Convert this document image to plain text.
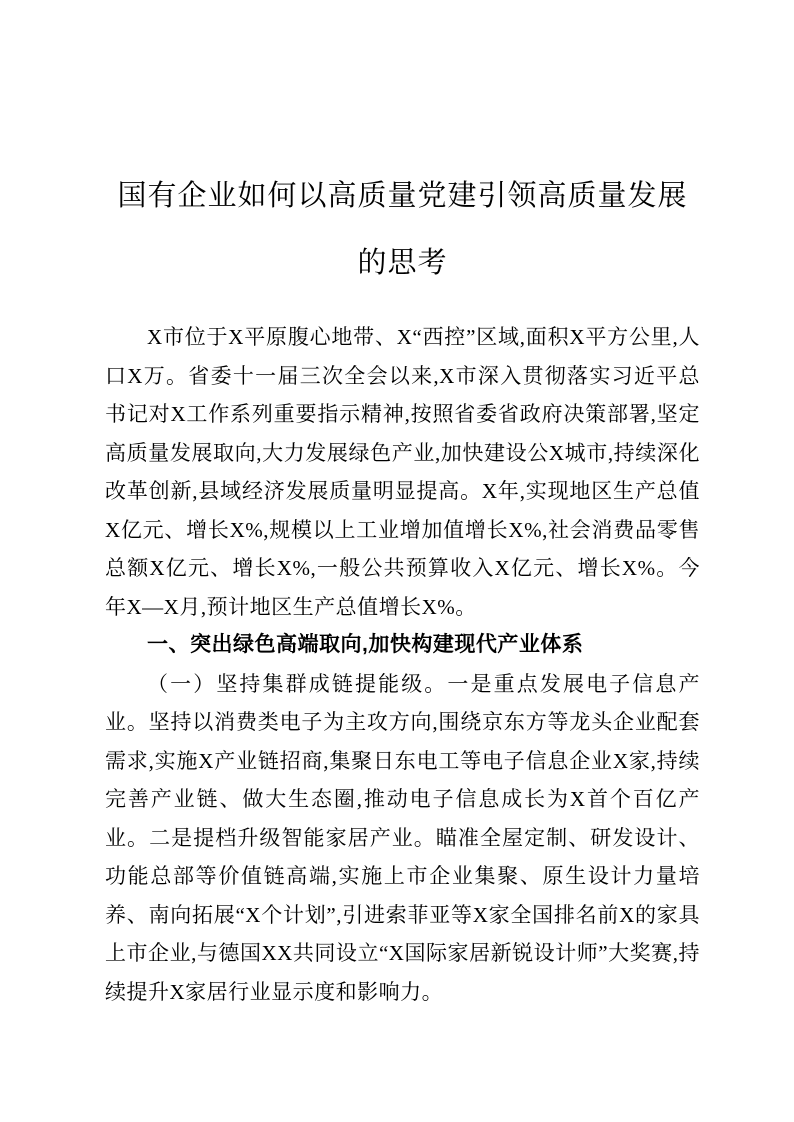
国有企业如何以高质量党建引领高质量发展的思考

X市位于X平原腹心地带、X“西控”区域,面积X平方公里,人口X万。省委十一届三次全会以来,X市深入贯彻落实习近平总书记对X工作系列重要指示精神,按照省委省政府决策部署,坚定高质量发展取向,大力发展绿色产业,加快建设公X城市,持续深化改革创新,县域经济发展质量明显提高。X年,实现地区生产总值X亿元、增长X%,规模以上工业增加值增长X%,社会消费品零售总额X亿元、增长X%,一般公共预算收入X亿元、增长X%。今年X—X月,预计地区生产总值增长X%。

一、突出绿色高端取向,加快构建现代产业体系

（一）坚持集群成链提能级。一是重点发展电子信息产业。坚持以消费类电子为主攻方向,围绕京东方等龙头企业配套需求,实施X产业链招商,集聚日东电工等电子信息企业X家,持续完善产业链、做大生态圈,推动电子信息成长为X首个百亿产业。二是提档升级智能家居产业。瞄准全屋定制、研发设计、功能总部等价值链高端,实施上市企业集聚、原生设计力量培养、南向拓展“X个计划”,引进索菲亚等X家全国排名前X的家具上市企业,与德国XX共同设立“X国际家居新锐设计师”大奖赛,持续提升X家居行业显示度和影响力。
